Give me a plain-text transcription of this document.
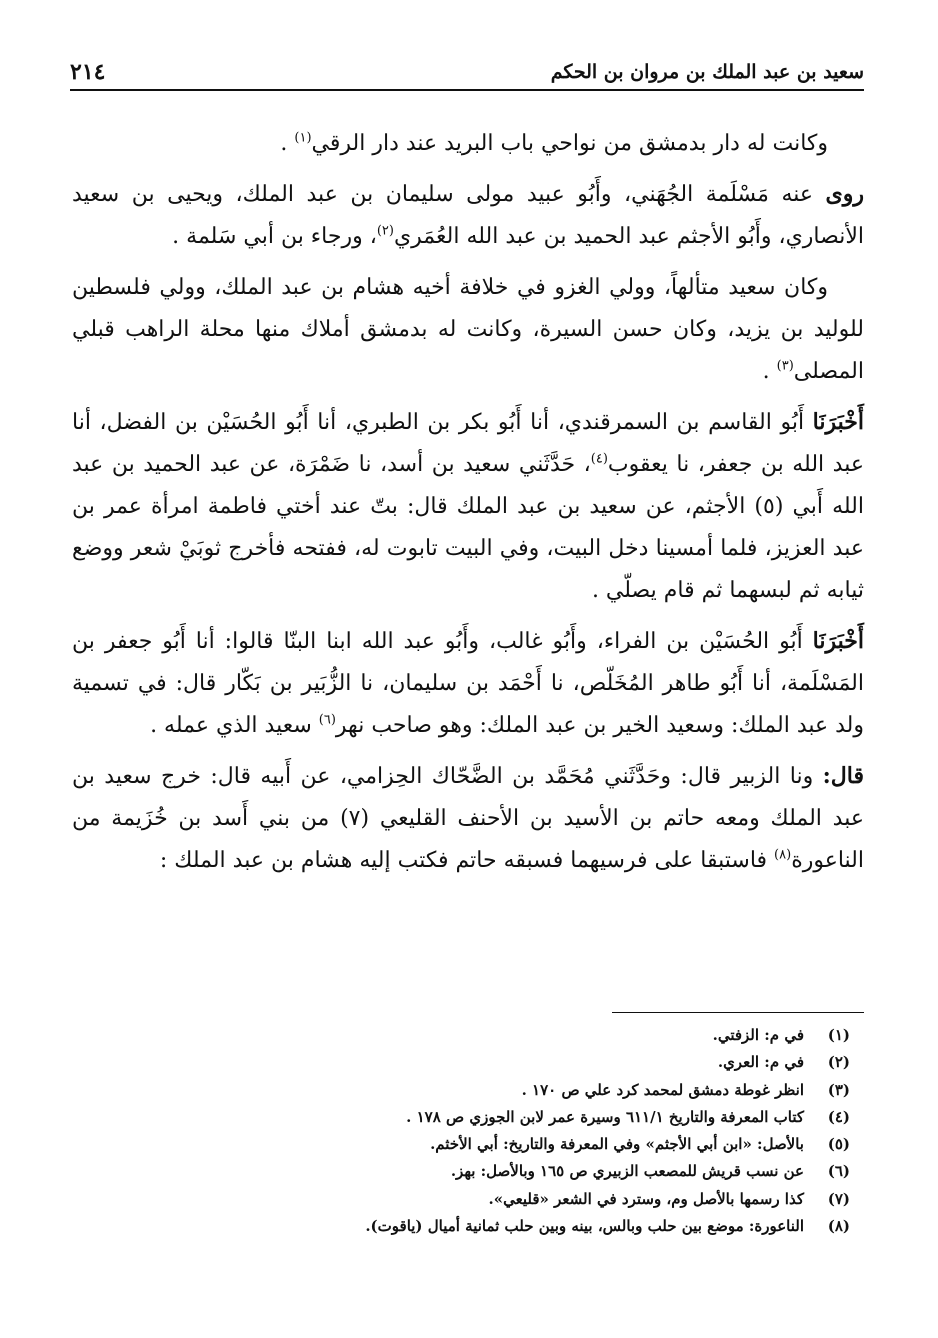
٢١٤	سعيد بن عبد الملك بن مروان بن الحكم

وكانت له دار بدمشق من نواحي باب البريد عند دار الرقي$^{(١)}$ .

روى عنه مَسْلَمة الجُهَني، وأَبُو عبيد مولى سليمان بن عبد الملك، ويحيى بن سعيد الأنصاري، وأَبُو الأجثم عبد الحميد بن عبد الله العُمَري$^{(٢)}$، ورجاء بن أبي سَلمة .

وكان سعيد متألهاً، وولي الغزو في خلافة أخيه هشام بن عبد الملك، وولي فلسطين للوليد بن يزيد، وكان حسن السيرة، وكانت له بدمشق أملاك منها محلة الراهب قبلي المصلى$^{(٣)}$ .

أَخْبَرَنَا أَبُو القاسم بن السمرقندي، أنا أَبُو بكر بن الطبري، أنا أَبُو الحُسَيْن بن الفضل، أنا عبد الله بن جعفر، نا يعقوب$^{(٤)}$، حَدَّثَني سعيد بن أسد، نا ضَمْرَة، عن عبد الحميد بن عبد الله أَبي (٥) الأجثم، عن سعيد بن عبد الملك قال: بتّ عند أختي فاطمة امرأة عمر بن عبد العزيز، فلما أمسينا دخل البيت، وفي البيت تابوت له، ففتحه فأخرج ثوبَيْ شعر ووضع ثيابه ثم لبسهما ثم قام يصلّي .

أَخْبَرَنَا أَبُو الحُسَيْن بن الفراء، وأَبُو غالب، وأَبُو عبد الله ابنا البنّا قالوا: أنا أَبُو جعفر بن المَسْلَمة، أنا أَبُو طاهر المُخَلّص، نا أَحْمَد بن سليمان، نا الزُّبَير بن بَكّار قال: في تسمية ولد عبد الملك: وسعيد الخير بن عبد الملك: وهو صاحب نهر$^{(٦)}$ سعيد الذي عمله .

قال: ونا الزبير قال: وحَدَّثَني مُحَمَّد بن الضَّحّاك الحِزامي، عن أَبيه قال: خرج سعيد بن عبد الملك ومعه حاتم بن الأسيد بن الأحنف القليعي (٧) من بني أَسد بن خُزَيمة من الناعورة$^{(٨)}$ فاستبقا على فرسيهما فسبقه حاتم فكتب إليه هشام بن عبد الملك :

(١)
في م: الزفتي.
(٢)
في م: العري.
(٣)
انظر غوطة دمشق لمحمد كرد علي ص ١٧٠ .
(٤)
كتاب المعرفة والتاريخ ٦١١/١ وسيرة عمر لابن الجوزي ص ١٧٨ .
(٥)
بالأصل: «ابن أبي الأجثم» وفي المعرفة والتاريخ: أبي الأخثم.
(٦)
عن نسب قريش للمصعب الزبيري ص ١٦٥ وبالأصل: بهز.
(٧)
كذا رسمها بالأصل وم، وسترد في الشعر «قليعي».
(٨)
الناعورة: موضع بين حلب وبالس، بينه وبين حلب ثمانية أميال (ياقوت).
